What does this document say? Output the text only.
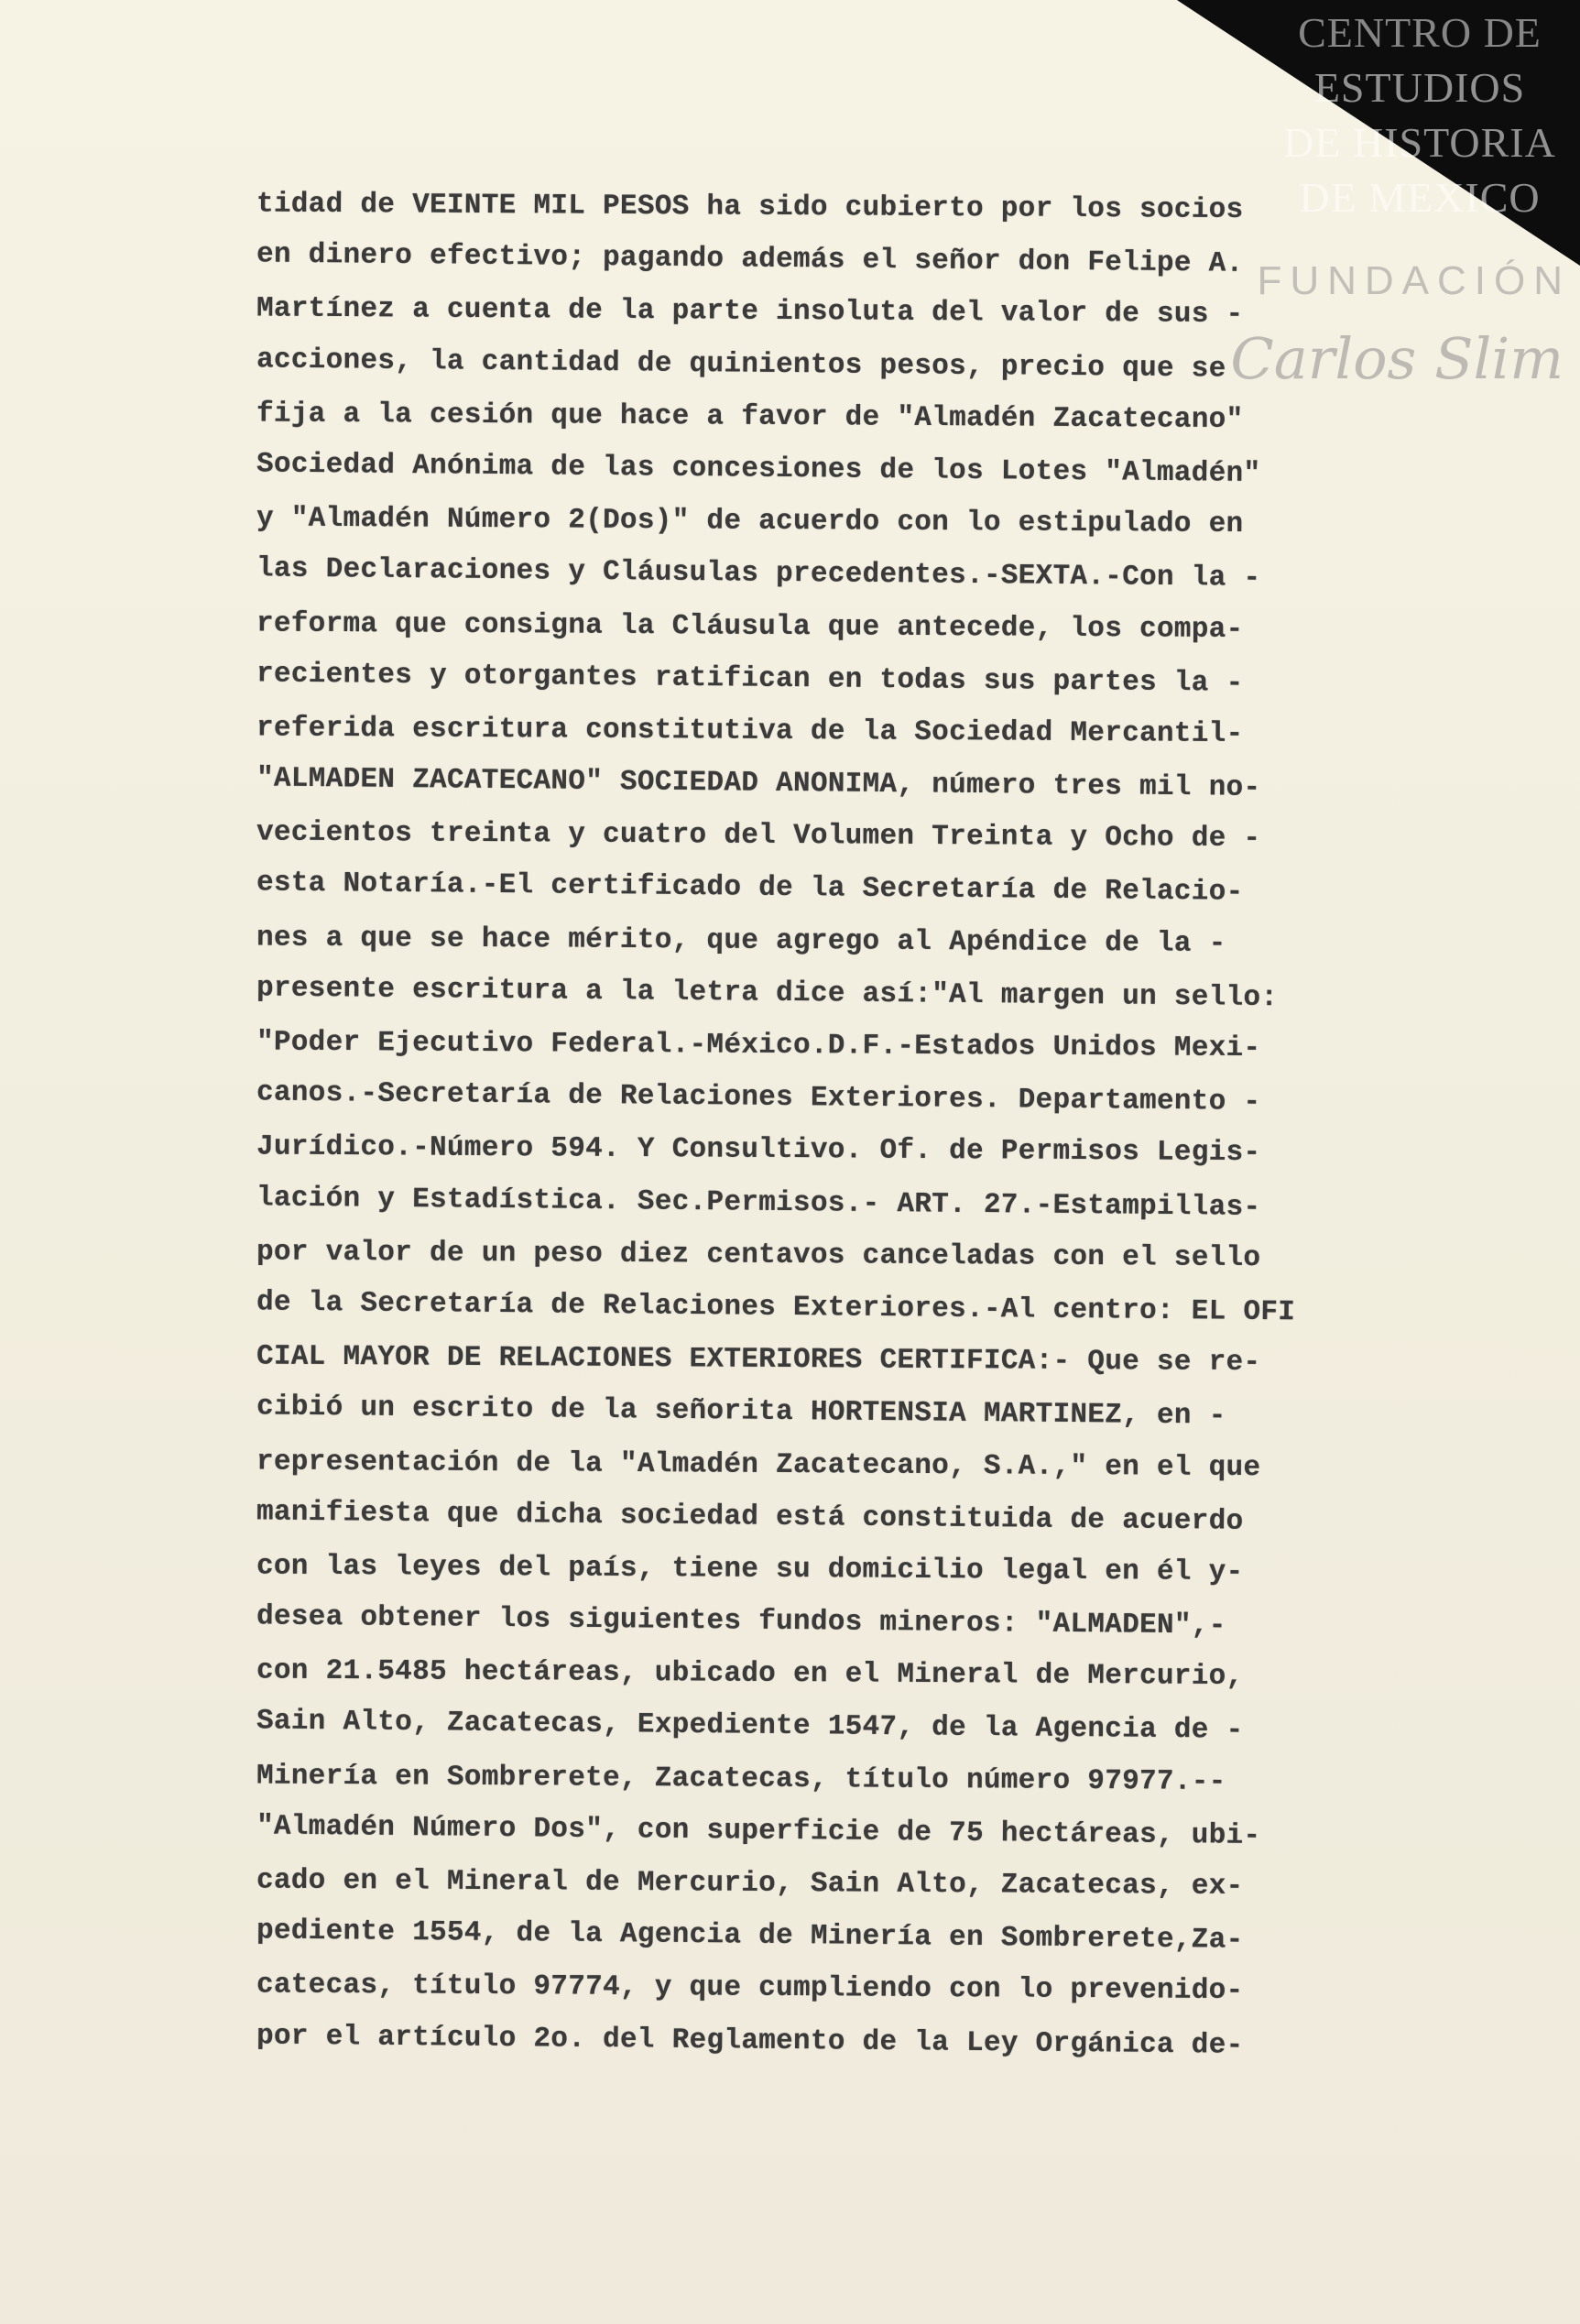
CENTRO DE
ESTUDIOS
DE HISTORIA
DE MEXICO
FUNDACIÓN
Carlos Slim
tidad de VEINTE MIL PESOS ha sido cubierto por los socios
en dinero efectivo; pagando además el señor don Felipe A.
Martínez a cuenta de la parte insoluta del valor de sus -
acciones, la cantidad de quinientos pesos, precio que se
fija a la cesión que hace a favor de "Almadén Zacatecano"
Sociedad Anónima de las concesiones de los Lotes "Almadén"
y "Almadén Número 2(Dos)" de acuerdo con lo estipulado en
las Declaraciones y Cláusulas precedentes.-SEXTA.-Con la -
reforma que consigna la Cláusula que antecede, los compa-
recientes y otorgantes ratifican en todas sus partes la -
referida escritura constitutiva de la Sociedad Mercantil-
"ALMADEN ZACATECANO" SOCIEDAD ANONIMA, número tres mil no-
vecientos treinta y cuatro del Volumen Treinta y Ocho de -
esta Notaría.-El certificado de la Secretaría de Relacio-
nes a que se hace mérito, que agrego al Apéndice de la -
presente escritura a la letra dice así:"Al margen un sello:
"Poder Ejecutivo Federal.-México.D.F.-Estados Unidos Mexi-
canos.-Secretaría de Relaciones Exteriores. Departamento -
Jurídico.-Número 594. Y Consultivo. Of. de Permisos Legis-
lación y Estadística. Sec.Permisos.- ART. 27.-Estampillas-
por valor de un peso diez centavos canceladas con el sello
de la Secretaría de Relaciones Exteriores.-Al centro: EL OFI
CIAL MAYOR DE RELACIONES EXTERIORES CERTIFICA:- Que se re-
cibió un escrito de la señorita HORTENSIA MARTINEZ, en -
representación de la "Almadén Zacatecano, S.A.," en el que
manifiesta que dicha sociedad está constituida de acuerdo
con las leyes del país, tiene su domicilio legal en él y-
desea obtener los siguientes fundos mineros: "ALMADEN",-
con 21.5485 hectáreas, ubicado en el Mineral de Mercurio,
Sain Alto, Zacatecas, Expediente 1547, de la Agencia de -
Minería en Sombrerete, Zacatecas, título número 97977.--
"Almadén Número Dos", con superficie de 75 hectáreas, ubi-
cado en el Mineral de Mercurio, Sain Alto, Zacatecas, ex-
pediente 1554, de la Agencia de Minería en Sombrerete,Za-
catecas, título 97774, y que cumpliendo con lo prevenido-
por el artículo 2o. del Reglamento de la Ley Orgánica de-
